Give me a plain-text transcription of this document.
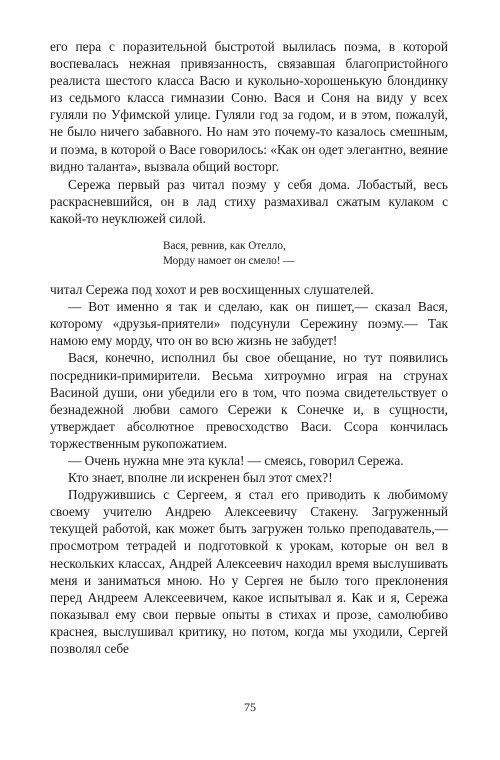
его пера с поразительной быстротой вылилась поэма, в которой воспевалась нежная привязанность, связавшая благопристойного реалиста шестого класса Васю и кукольно-хорошенькую блондинку из седьмого класса гимназии Соню. Вася и Соня на виду у всех гуляли по Уфимской улице. Гуляли год за годом, и в этом, пожалуй, не было ничего забавного. Но нам это почему-то казалось смешным, и поэма, в которой о Васе говорилось: «Как он одет элегантно, веяние видно таланта», вызвала общий восторг.

Сережа первый раз читал поэму у себя дома. Лобастый, весь раскрасневшийся, он в лад стиху размахивал сжатым кулаком с какой-то неуклюжей силой.

Вася, ревнив, как Отелло,
Морду намоет он смело! —

читал Сережа под хохот и рев восхищенных слушателей.

— Вот именно я так и сделаю, как он пишет,— сказал Вася, которому «друзья-приятели» подсунули Сережину поэму.— Так намою ему морду, что он во всю жизнь не забудет!

Вася, конечно, исполнил бы свое обещание, но тут появились посредники-примирители. Весьма хитроумно играя на струнах Васиной души, они убедили его в том, что поэма свидетельствует о безнадежной любви самого Сережи к Сонечке и, в сущности, утверждает абсолютное превосходство Васи. Ссора кончилась торжественным рукопожатием.

— Очень нужна мне эта кукла! — смеясь, говорил Сережа.

Кто знает, вполне ли искренен был этот смех?!

Подружившись с Сергеем, я стал его приводить к любимому своему учителю Андрею Алексеевичу Стакену. Загруженный текущей работой, как может быть загружен только преподаватель,— просмотром тетрадей и подготовкой к урокам, которые он вел в нескольких классах, Андрей Алексеевич находил время выслушивать меня и заниматься мною. Но у Сергея не было того преклонения перед Андреем Алексеевичем, какое испытывал я. Как и я, Сережа показывал ему свои первые опыты в стихах и прозе, самолюбиво краснея, выслушивал критику, но потом, когда мы уходили, Сергей позволял себе

75
